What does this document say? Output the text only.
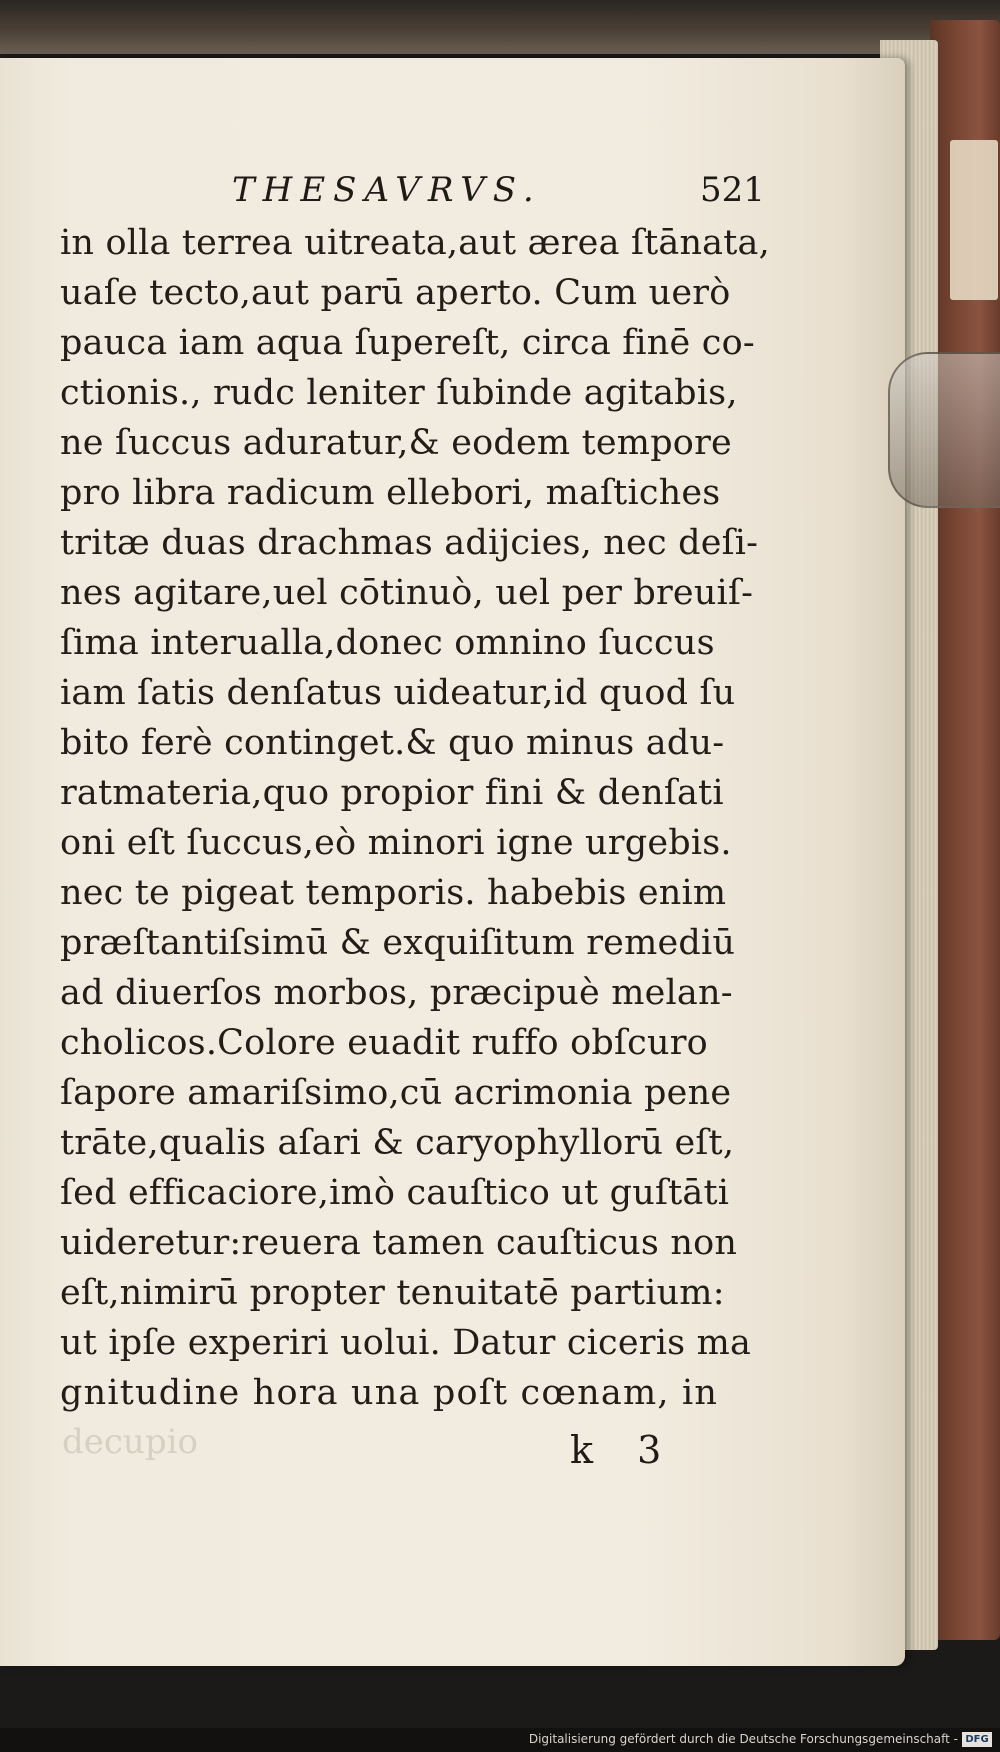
THESAVRVS.	521
in olla terrea uitreata,aut ærea ſtānata,
uaſe tecto,aut parū aperto. Cum uerò
pauca iam aqua ſupereſt, circa finē co-
ctionis., rudc leniter ſubinde agitabis,
ne ſuccus aduratur,& eodem tempore
pro libra radicum ellebori, maſtiches
tritæ duas drachmas adijcies, nec deſi-
nes agitare,uel cōtinuò, uel per breuiſ-
ſima interualla,donec omnino ſuccus
iam ſatis denſatus uideatur,id quod ſu
bito ferè continget.& quo minus adu-
ratmateria,quo propior fini & denſati
oni eſt ſuccus,eò minori igne urgebis.
nec te pigeat temporis. habebis enim
præſtantiſsimū & exquiſitum remediū
ad diuerſos morbos, præcipuè melan-
cholicos.Colore euadit ruffo obſcuro
ſapore amariſsimo,cū acrimonia pene
trāte,qualis aſari & caryophyllorū eſt,
ſed efficaciore,imò cauſtico ut guſtāti
uideretur:reuera tamen cauſticus non
eſt,nimirū propter tenuitatē partium:
ut ipſe experiri uolui. Datur ciceris ma
gnitudine hora una poſt cœnam, in
decupio	k 3
Digitalisierung gefördert durch die Deutsche Forschungsgemeinschaft - DFG
